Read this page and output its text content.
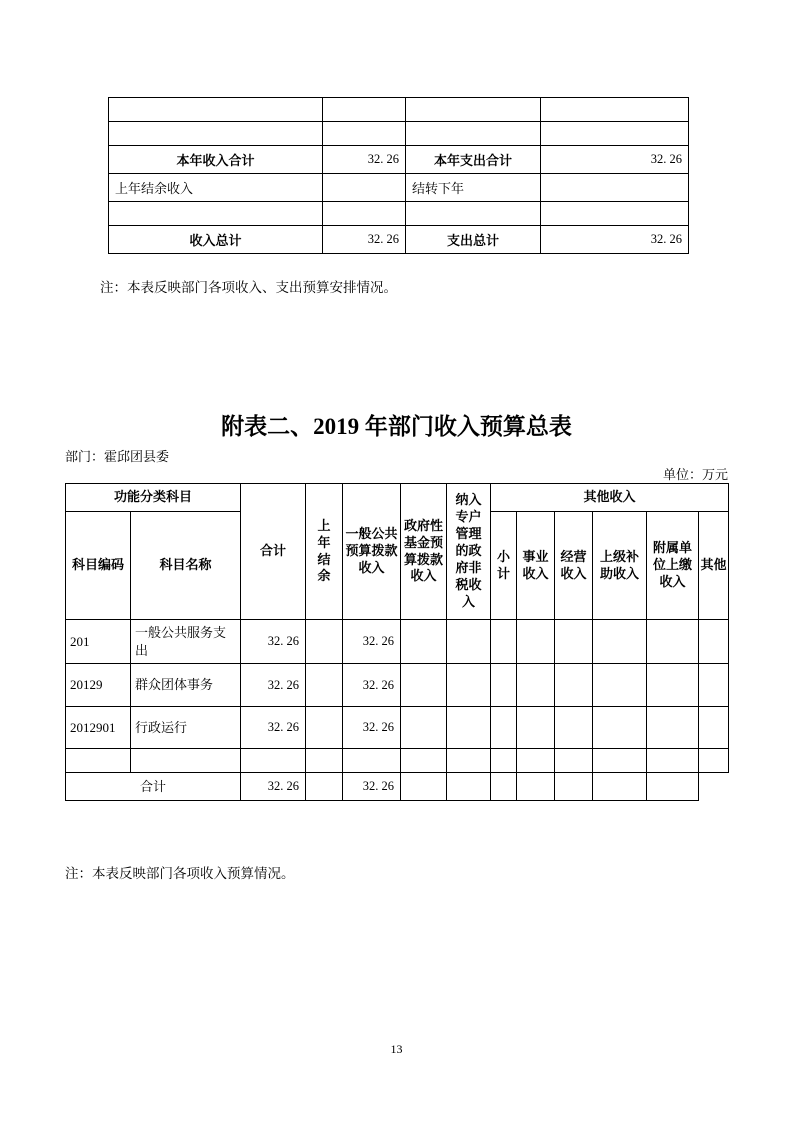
本年收入合计	32. 26	本年支出合计	32. 26
上年结余收入		结转下年	

收入总计	32. 26	支出总计	32. 26

注：本表反映部门各项收入、支出预算安排情况。

附表二、2019 年部门收入预算总表

部门：霍邱团县委

单位：万元

功能分类科目		合计	上年结余	一般公共预算拨款收入	政府性基金预算拨款收入	纳入专户管理的政府非税收入	其他收入					
科目编码	科目名称						小计	事业收入	经营收入	上级补助收入	附属单位上缴收入	其他
201	一般公共服务支出	32. 26		32. 26								
20129	群众团体事务	32. 26		32. 26								
2012901	行政运行	32. 26		32. 26								

合计		32. 26		32. 26								

注：本表反映部门各项收入预算情况。

13
